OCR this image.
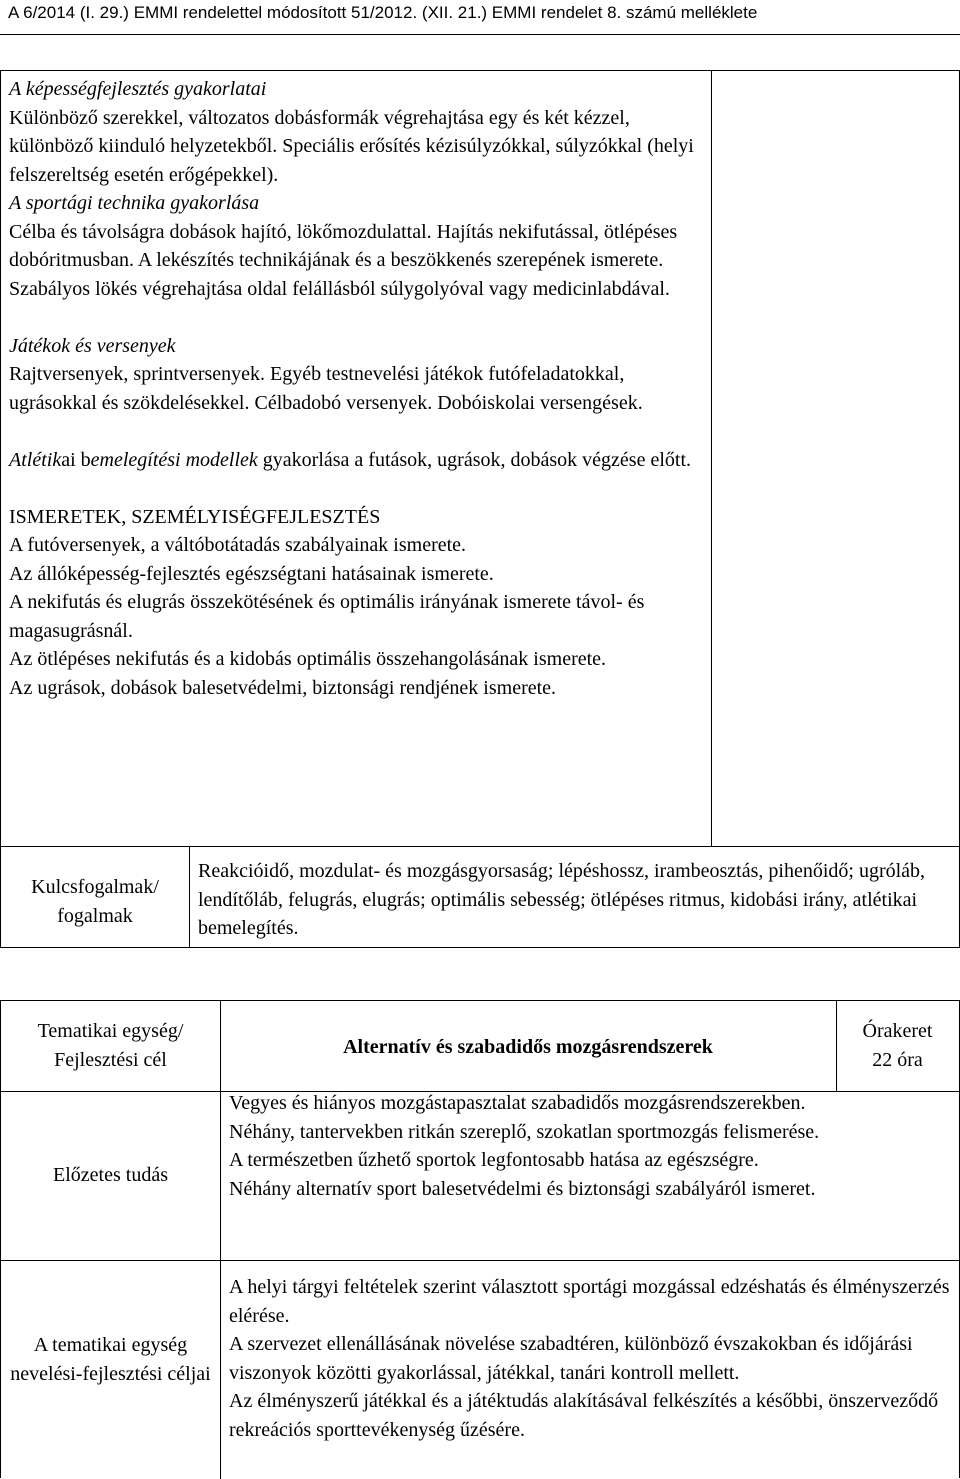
A 6/2014 (I. 29.) EMMI rendelettel módosított 51/2012. (XII. 21.) EMMI rendelet 8. számú melléklete

A képességfejlesztés gyakorlatai

Különböző szerekkel, változatos dobásformák végrehajtása egy és két kézzel, különböző kiinduló helyzetekből. Speciális erősítés kézisúlyzókkal, súlyzókkal (helyi felszereltség esetén erőgépekkel).

A sportági technika gyakorlása

Célba és távolságra dobások hajító, lökőmozdulattal. Hajítás nekifutással, ötlépéses dobóritmusban. A lekészítés technikájának és a beszökkenés szerepének ismerete. Szabályos lökés végrehajtása oldal felállásból súlygolyóval vagy medicinlabdával.

Játékok és versenyek

Rajtversenyek, sprintversenyek. Egyéb testnevelési játékok futófeladatokkal, ugrásokkal és szökdelésekkel. Célbadobó versenyek. Dobóiskolai versengések.

Atlétikai bemelegítési modellek gyakorlása a futások, ugrások, dobások végzése előtt.

ISMERETEK, SZEMÉLYISÉGFEJLESZTÉS

A futóversenyek, a váltóbotátadás szabályainak ismerete.

Az állóképesség-fejlesztés egészségtani hatásainak ismerete.

A nekifutás és elugrás összekötésének és optimális irányának ismerete távol- és magasugrásnál.

Az ötlépéses nekifutás és a kidobás optimális összehangolásának ismerete.

Az ugrások, dobások balesetvédelmi, biztonsági rendjének ismerete.

Kulcsfogalmak/ fogalmak
Reakcióidő, mozdulat- és mozgásgyorsaság; lépéshossz, irambeosztás, pihenőidő; ugróláb, lendítőláb, felugrás, elugrás; optimális sebesség; ötlépéses ritmus, kidobási irány, atlétikai bemelegítés.
Tematikai egység/ Fejlesztési cél
Alternatív és szabadidős mozgásrendszerek
Órakeret
22 óra
Előzetes tudás

Vegyes és hiányos mozgástapasztalat szabadidős mozgásrendszerekben.

Néhány, tantervekben ritkán szereplő, szokatlan sportmozgás felismerése.

A természetben űzhető sportok legfontosabb hatása az egészségre.

Néhány alternatív sport balesetvédelmi és biztonsági szabályáról ismeret.

A tematikai egység nevelési-fejlesztési céljai

A helyi tárgyi feltételek szerint választott sportági mozgással edzéshatás és élményszerzés elérése.

A szervezet ellenállásának növelése szabadtéren, különböző évszakokban és időjárási viszonyok közötti gyakorlással, játékkal, tanári kontroll mellett.

Az élményszerű játékkal és a játéktudás alakításával felkészítés a későbbi, önszerveződő rekreációs sporttevékenység űzésére.
